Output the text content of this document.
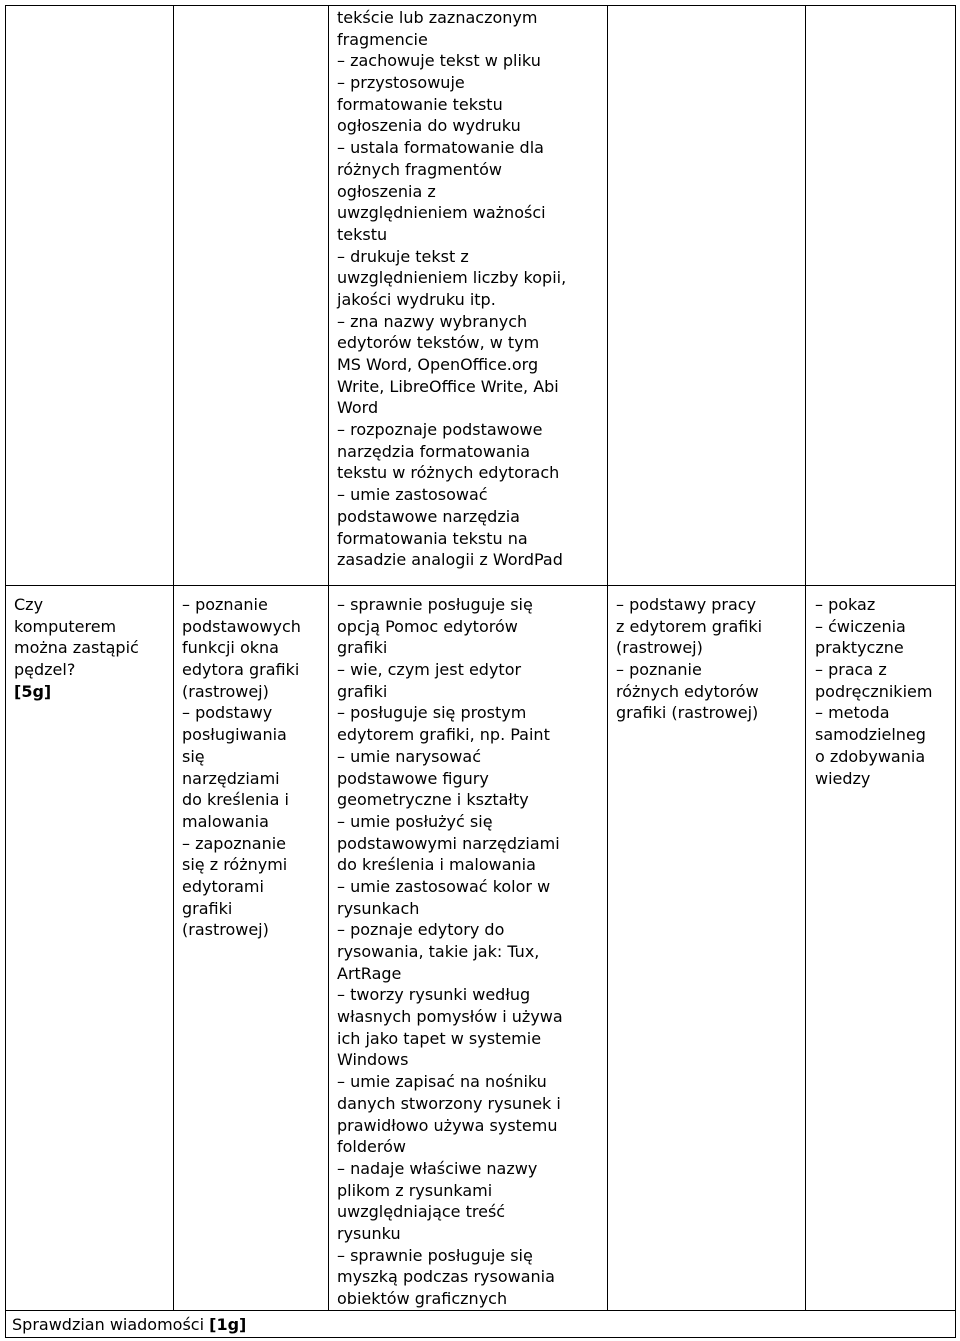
tekście lub zaznaczonym
fragmencie
– zachowuje tekst w pliku
– przystosowuje
formatowanie tekstu
ogłoszenia do wydruku
– ustala formatowanie dla
różnych fragmentów
ogłoszenia z
uwzględnieniem ważności
tekstu
– drukuje tekst z
uwzględnieniem liczby kopii,
jakości wydruku itp.
– zna nazwy wybranych
edytorów tekstów, w tym
MS Word, OpenOffice.org
Write, LibreOffice Write, Abi
Word
– rozpoznaje podstawowe
narzędzia formatowania
tekstu w różnych edytorach
– umie zastosować
podstawowe narzędzia
formatowania tekstu na
zasadzie analogii z WordPad
Czy
komputerem
można zastąpić
pędzel?
[5g]
– poznanie
podstawowych
funkcji okna
edytora grafiki
(rastrowej)
– podstawy
posługiwania
się
narzędziami
do kreślenia i
malowania
– zapoznanie
się z różnymi
edytorami
grafiki
(rastrowej)
– sprawnie posługuje się
opcją Pomoc edytorów
grafiki
– wie, czym jest edytor
grafiki
– posługuje się prostym
edytorem grafiki, np. Paint
– umie narysować
podstawowe figury
geometryczne i kształty
– umie posłużyć się
podstawowymi narzędziami
do kreślenia i malowania
– umie zastosować kolor w
rysunkach
– poznaje edytory do
rysowania, takie jak: Tux,
ArtRage
– tworzy rysunki według
własnych pomysłów i używa
ich jako tapet w systemie
Windows
– umie zapisać na nośniku
danych stworzony rysunek i
prawidłowo używa systemu
folderów
– nadaje właściwe nazwy
plikom z rysunkami
uwzględniające treść
rysunku
– sprawnie posługuje się
myszką podczas rysowania
obiektów graficznych
– podstawy pracy
z edytorem grafiki
(rastrowej)
– poznanie
różnych edytorów
grafiki (rastrowej)
– pokaz
– ćwiczenia
praktyczne
– praca z
podręcznikiem
– metoda
samodzielneg
o zdobywania
wiedzy
Sprawdzian wiadomości [1g]
